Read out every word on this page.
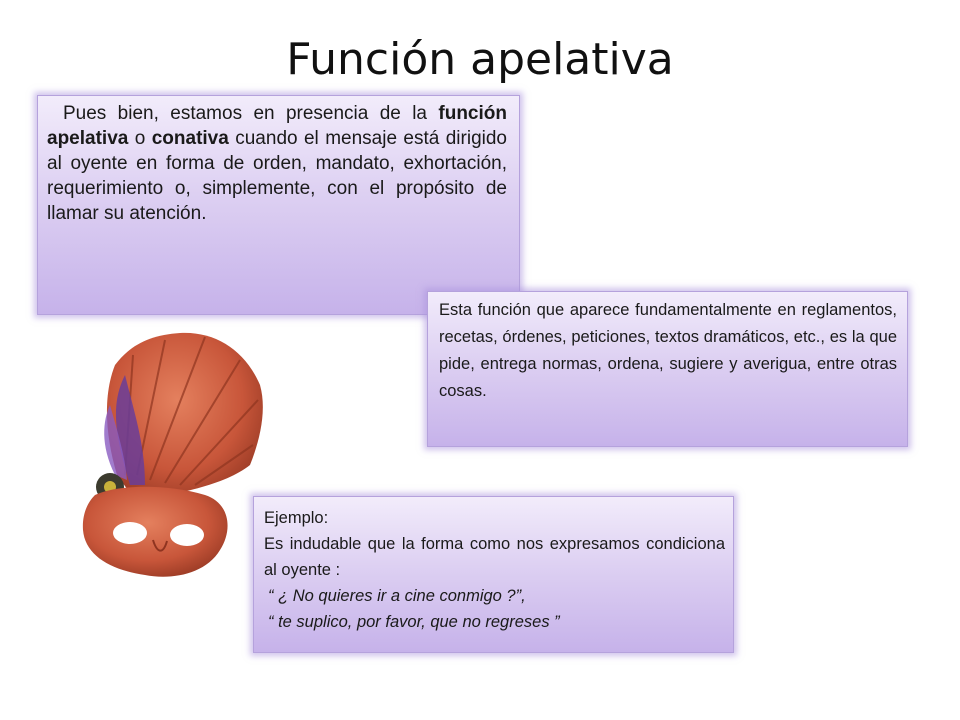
Función apelativa

Pues bien, estamos en presencia de la función apelativa o conativa cuando el mensaje está dirigido al oyente en forma de orden, mandato, exhortación, requerimiento o, simplemente, con el propósito de llamar su atención.

Esta función que aparece fundamentalmente en reglamentos, recetas, órdenes, peticiones, textos dramáticos, etc., es la que pide, entrega normas, ordena, sugiere y averigua, entre otras cosas.

Ejemplo:

Es indudable que la forma como nos expresamos condiciona al oyente :

“ ¿ No quieres ir a cine conmigo ?”,

“ te suplico, por favor, que no regreses ”
